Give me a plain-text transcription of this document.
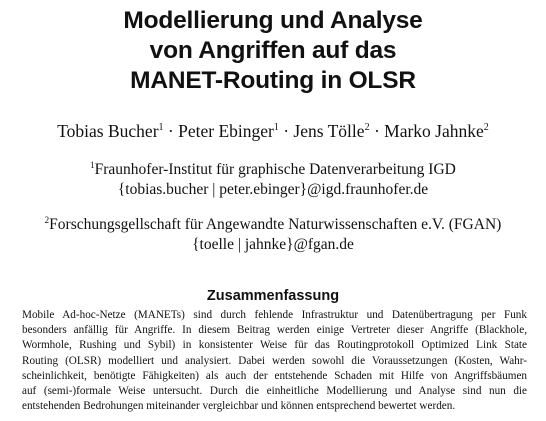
Modellierung und Analyse
von Angriffen auf das
MANET-Routing in OLSR
Tobias Bucher$^1$ · Peter Ebinger$^1$ · Jens Tölle$^2$ · Marko Jahnke$^2$
$^1$Fraunhofer-Institut für graphische Datenverarbeitung IGD
{tobias.bucher | peter.ebinger}@igd.fraunhofer.de
$^2$Forschungsgellschaft für Angewandte Naturwissenschaften e.V. (FGAN)
{toelle | jahnke}@fgan.de
Zusammenfassung
Mobile Ad-hoc-Netze (MANETs) sind durch fehlende Infrastruktur und Datenübertragung per Funk
besonders anfällig für Angriffe. In diesem Beitrag werden einige Vertreter dieser Angriffe (Blackhole,
Wormhole, Rushing und Sybil) in konsistenter Weise für das Routingprotokoll Optimized Link State
Routing (OLSR) modelliert und analysiert. Dabei werden sowohl die Voraussetzungen (Kosten, Wahr-
scheinlichkeit, benötigte Fähigkeiten) als auch der entstehende Schaden mit Hilfe von Angriffsbäumen
auf (semi-)formale Weise untersucht. Durch die einheitliche Modellierung und Analyse sind nun die
entstehenden Bedrohungen miteinander vergleichbar und können entsprechend bewertet werden.
